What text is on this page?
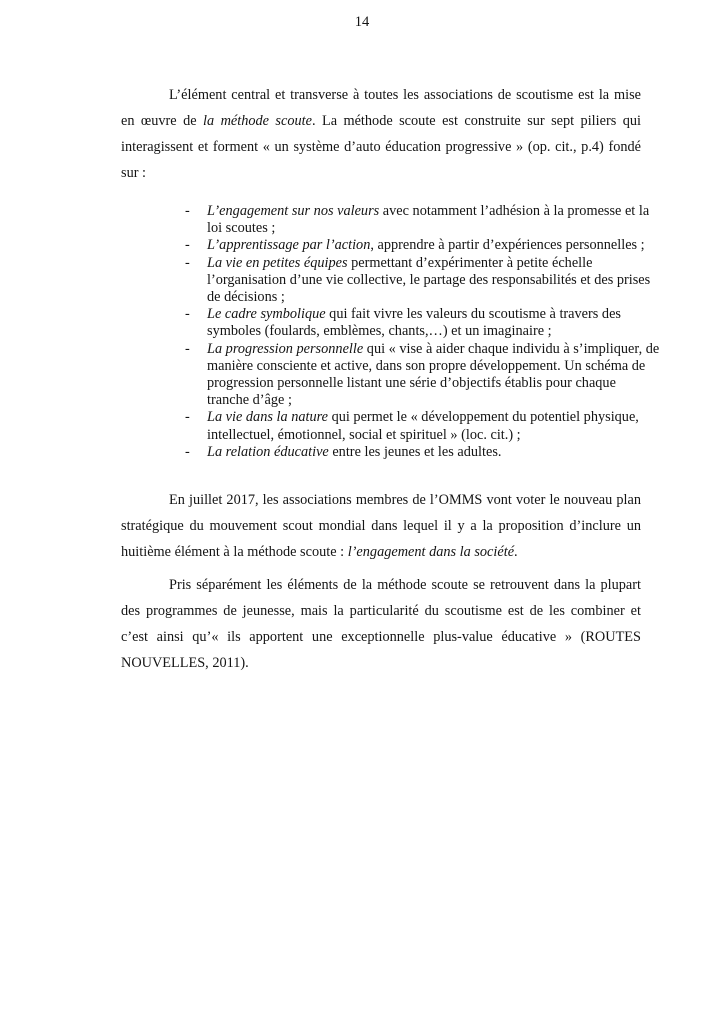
14

L’élément central et transverse à toutes les associations de scoutisme est la mise en œuvre de la méthode scoute. La méthode scoute est construite sur sept piliers qui interagissent et forment « un système d’auto éducation progressive » (op. cit., p.4) fondé sur :

- L’engagement sur nos valeurs avec notamment l’adhésion à la promesse et la loi scoutes ;
- L’apprentissage par l’action, apprendre à partir d’expériences personnelles ;
- La vie en petites équipes permettant d’expérimenter à petite échelle l’organisation d’une vie collective, le partage des responsabilités et des prises de décisions ;
- Le cadre symbolique qui fait vivre les valeurs du scoutisme à travers des symboles (foulards, emblèmes, chants,…) et un imaginaire ;
- La progression personnelle qui « vise à aider chaque individu à s’impliquer, de manière consciente et active, dans son propre développement. Un schéma de progression personnelle listant une série d’objectifs établis pour chaque tranche d’âge ;
- La vie dans la nature qui permet le « développement du potentiel physique, intellectuel, émotionnel, social et spirituel » (loc. cit.) ;
- La relation éducative entre les jeunes et les adultes.

En juillet 2017, les associations membres de l’OMMS vont voter le nouveau plan stratégique du mouvement scout mondial dans lequel il y a la proposition d’inclure un huitième élément à la méthode scoute : l’engagement dans la société.

Pris séparément les éléments de la méthode scoute se retrouvent dans la plupart des programmes de jeunesse, mais la particularité du scoutisme est de les combiner et c’est ainsi qu’« ils apportent une exceptionnelle plus-value éducative » (ROUTES NOUVELLES, 2011).
